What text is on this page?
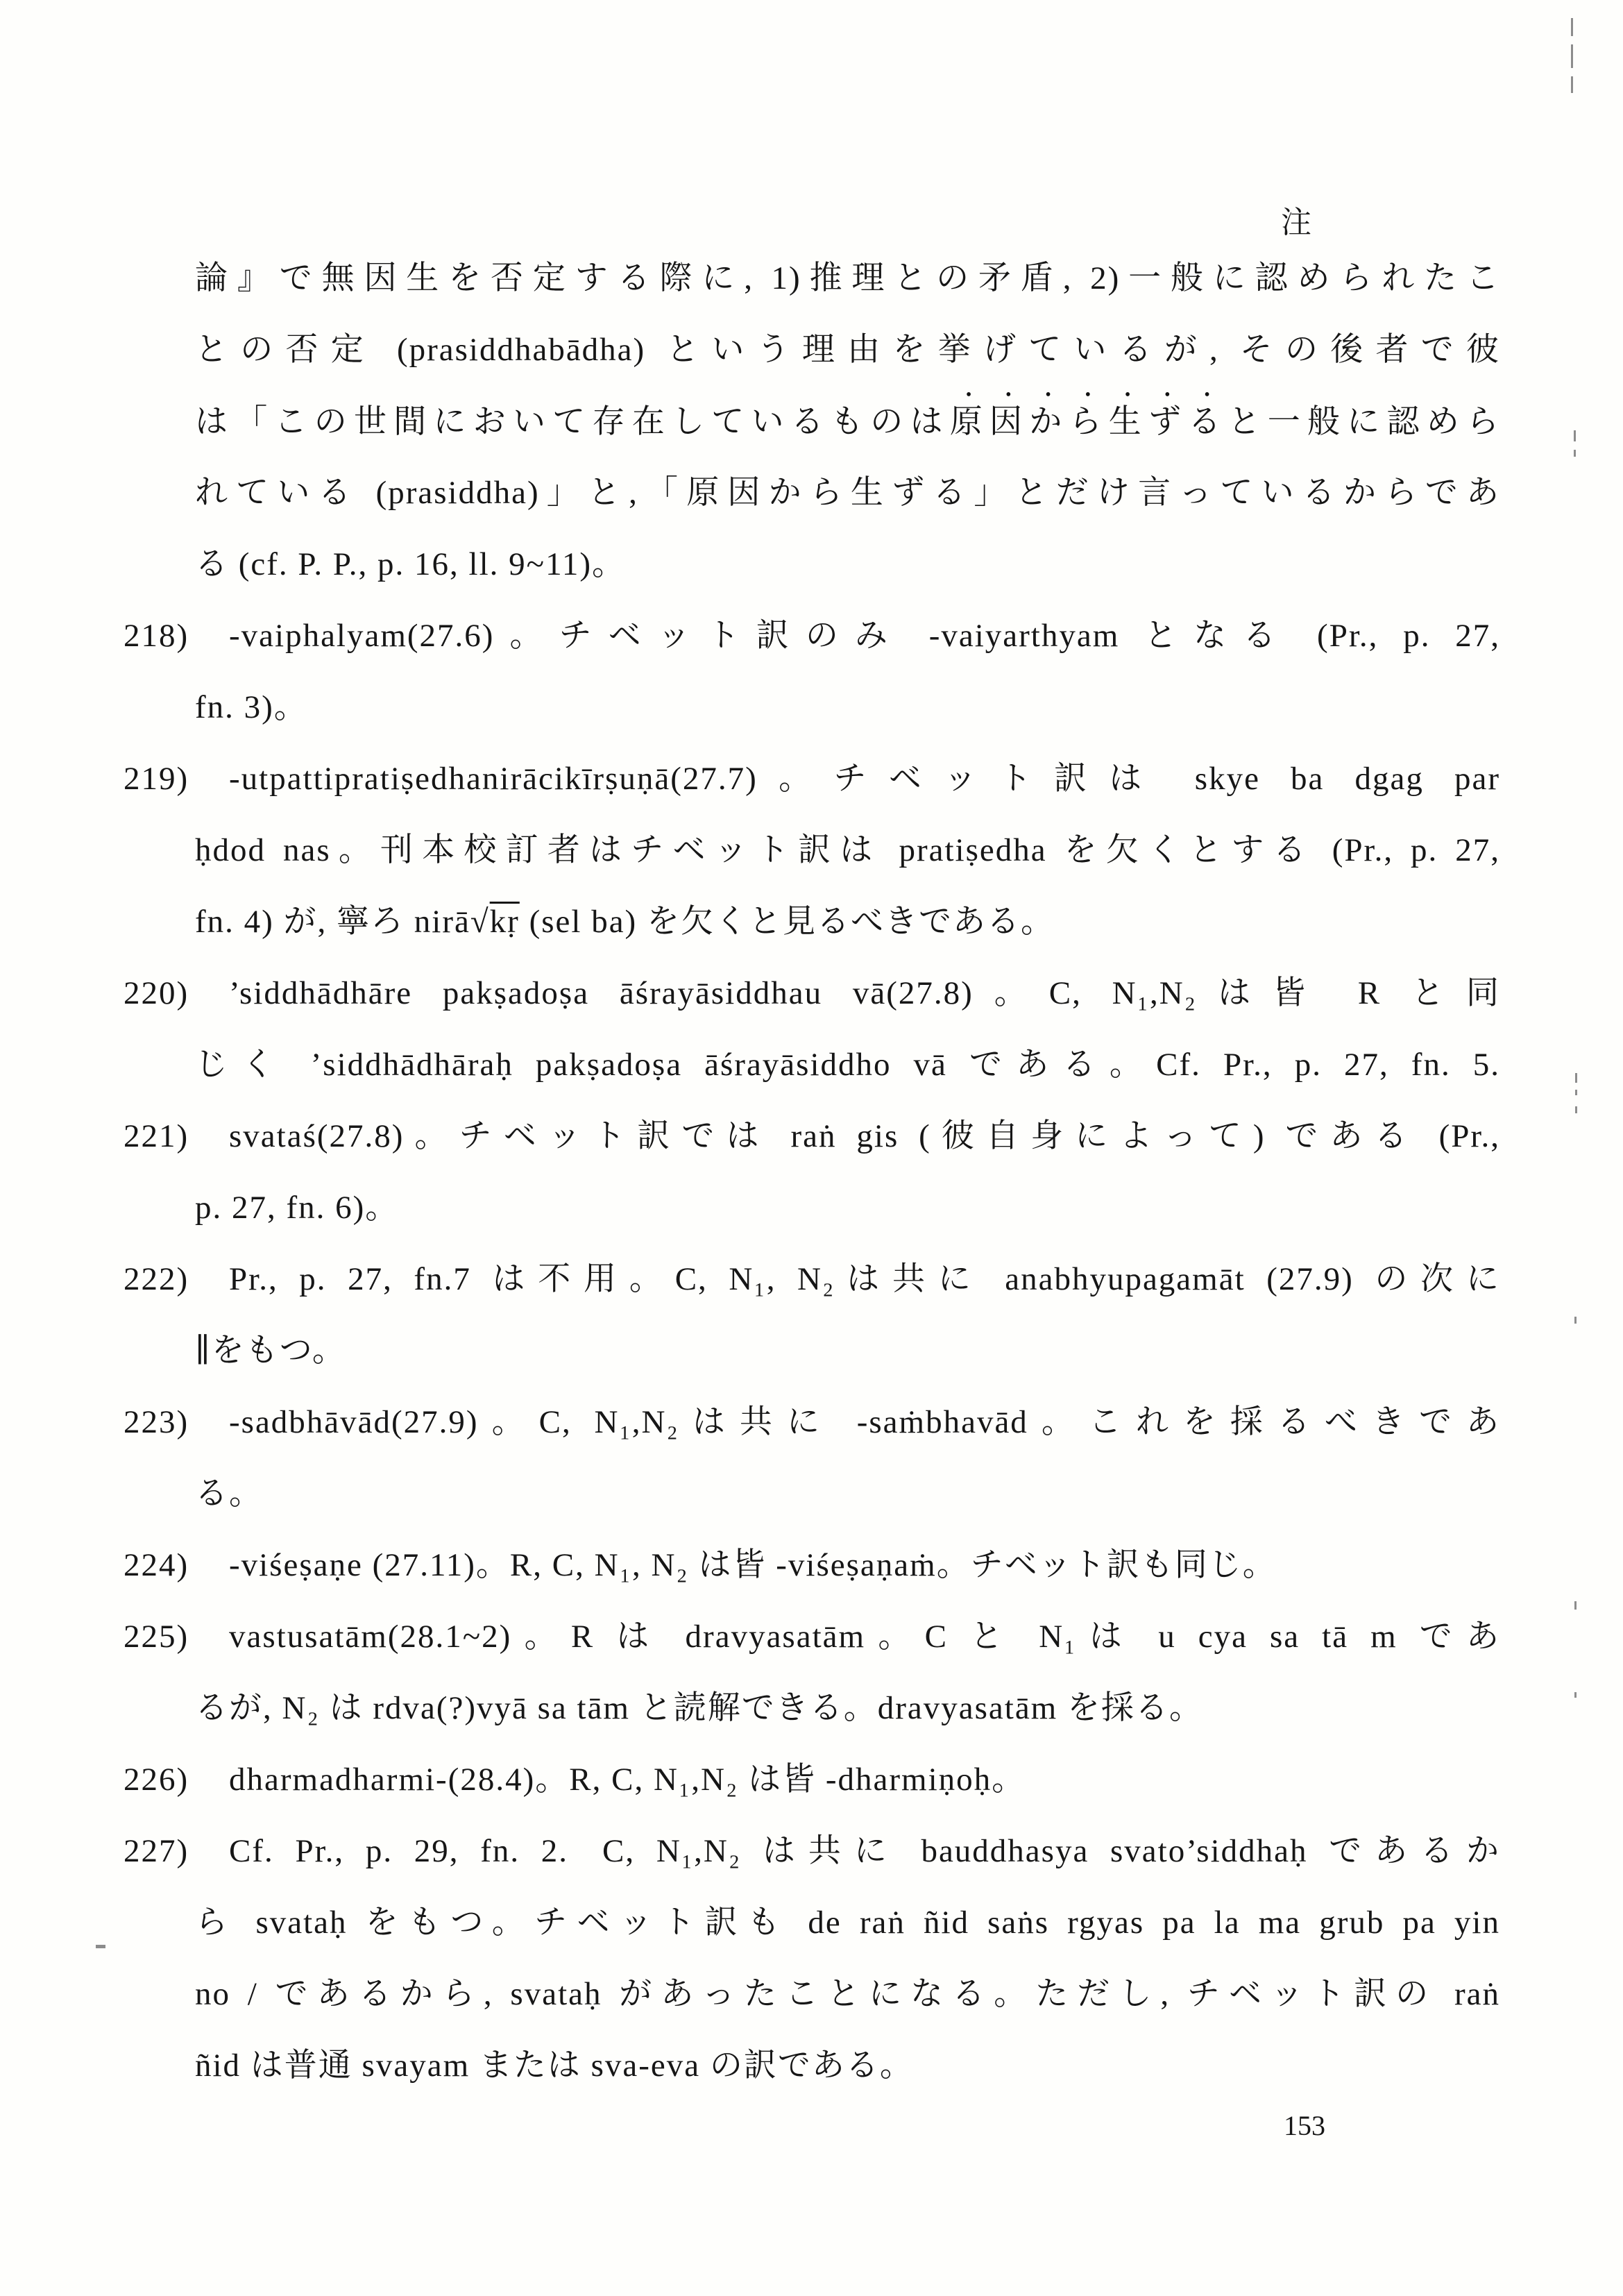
注
論』で無因生を否定する際に, 1)推理との矛盾, 2)一般に認められたこ
との否定 (prasiddhabādha) という理由を挙げているが, その後者で彼
は「この世間において存在しているものは原因から生ずると一般に認めら
れている (prasiddha)」と,「原因から生ずる」とだけ言っているからであ
る (cf. P. P., p. 16, ll. 9~11)。
218) -vaiphalyam(27.6)。チベット訳のみ -vaiyarthyam となる (Pr., p. 27,
fn. 3)。
219) -utpattipratiṣedhanirācikīrṣuṇā(27.7)。チベット訳は skye ba dgag par
ḥdod nas。刊本校訂者はチベット訳は pratiṣedha を欠くとする (Pr., p. 27,
fn. 4) が, 寧ろ nirā√kṛ (sel ba) を欠くと見るべきである。
220) ’siddhādhāre pakṣadoṣa āśrayāsiddhau vā(27.8)。C, N₁,N₂は皆 R と同
じく ’siddhādhāraḥ pakṣadoṣa āśrayāsiddho vā である。Cf. Pr., p. 27, fn. 5.
221) svataś(27.8)。チベット訳では raṅ gis (彼自身によって) である (Pr.,
p. 27, fn. 6)。
222) Pr., p. 27, fn.7 は不用。C, N₁, N₂は共に anabhyupagamāt (27.9) の次に
∥をもつ。
223) -sadbhāvād(27.9)。C, N₁,N₂は共に -saṁbhavād。これを採るべきであ
る。
224) -viśeṣaṇe (27.11)。R, C, N₁, N₂ は皆 -viśeṣaṇaṁ。チベット訳も同じ。
225) vastusatām(28.1~2)。R は dravyasatām。C と N₁は u cya sa tā m であ
るが, N₂ は rdva(?)vyā sa tām と読解できる。dravyasatām を採る。
226) dharmadharmi-(28.4)。R, C, N₁,N₂ は皆 -dharmiṇoḥ。
227) Cf. Pr., p. 29, fn. 2. C, N₁,N₂ は共に bauddhasya svato’siddhaḥ であるか
ら svataḥ をもつ。チベット訳も de raṅ ñid saṅs rgyas pa la ma grub pa yin
no / であるから, svataḥ があったことになる。ただし, チベット訳の raṅ
ñid は普通 svayam または sva-eva の訳である。
153
